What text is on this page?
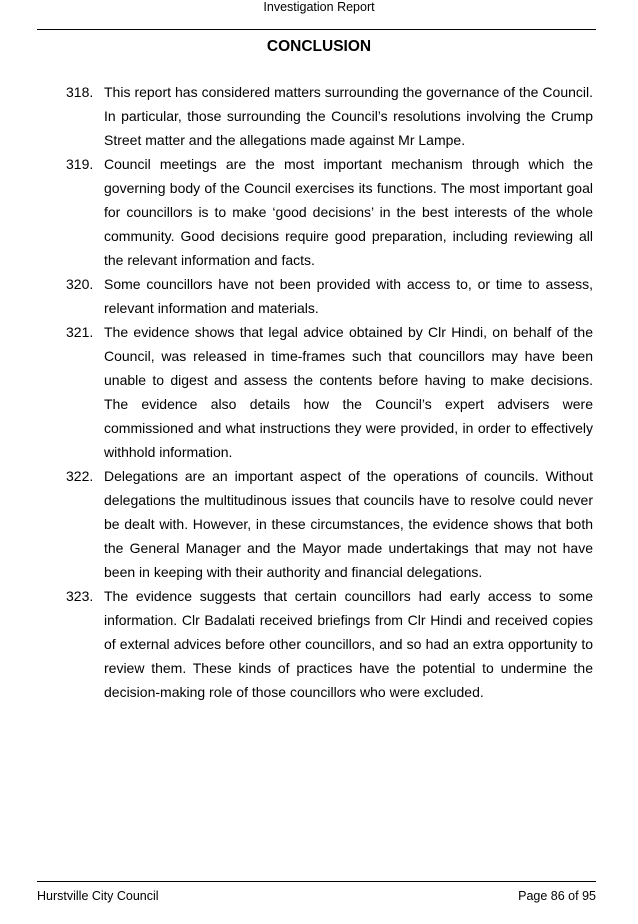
Investigation Report
CONCLUSION
318. This report has considered matters surrounding the governance of the Council. In particular, those surrounding the Council’s resolutions involving the Crump Street matter and the allegations made against Mr Lampe.
319. Council meetings are the most important mechanism through which the governing body of the Council exercises its functions. The most important goal for councillors is to make ‘good decisions’ in the best interests of the whole community. Good decisions require good preparation, including reviewing all the relevant information and facts.
320. Some councillors have not been provided with access to, or time to assess, relevant information and materials.
321. The evidence shows that legal advice obtained by Clr Hindi, on behalf of the Council, was released in time-frames such that councillors may have been unable to digest and assess the contents before having to make decisions. The evidence also details how the Council’s expert advisers were commissioned and what instructions they were provided, in order to effectively withhold information.
322. Delegations are an important aspect of the operations of councils. Without delegations the multitudinous issues that councils have to resolve could never be dealt with. However, in these circumstances, the evidence shows that both the General Manager and the Mayor made undertakings that may not have been in keeping with their authority and financial delegations.
323. The evidence suggests that certain councillors had early access to some information. Clr Badalati received briefings from Clr Hindi and received copies of external advices before other councillors, and so had an extra opportunity to review them. These kinds of practices have the potential to undermine the decision-making role of those councillors who were excluded.
Hurstville City Council	Page 86 of 95
